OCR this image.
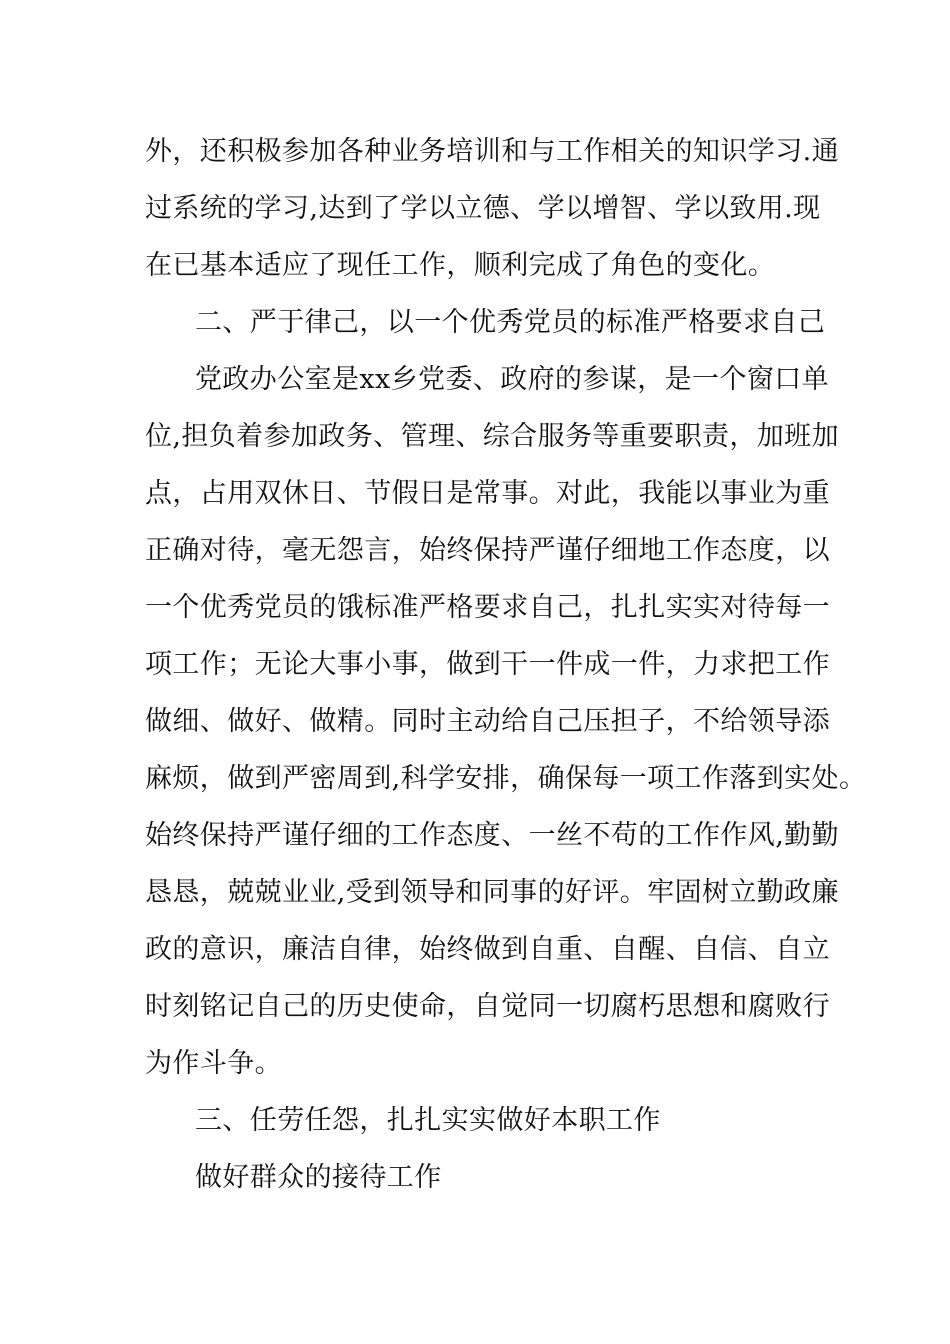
外，还积极参加各种业务培训和与工作相关的知识学习.通
过系统的学习,达到了学以立德、学以增智、学以致用.现
在已基本适应了现任工作，顺利完成了角色的变化。
二、严于律己，以一个优秀党员的标准严格要求自己
党政办公室是xx乡党委、政府的参谋，是一个窗口单
位,担负着参加政务、管理、综合服务等重要职责，加班加
点，占用双休日、节假日是常事。对此，我能以事业为重
正确对待，毫无怨言，始终保持严谨仔细地工作态度，以
一个优秀党员的饿标准严格要求自己，扎扎实实对待每一
项工作；无论大事小事，做到干一件成一件，力求把工作
做细、做好、做精。同时主动给自己压担子，不给领导添
麻烦，做到严密周到,科学安排，确保每一项工作落到实处。
始终保持严谨仔细的工作态度、一丝不苟的工作作风,勤勤
恳恳，兢兢业业,受到领导和同事的好评。牢固树立勤政廉
政的意识，廉洁自律，始终做到自重、自醒、自信、自立
时刻铭记自己的历史使命，自觉同一切腐朽思想和腐败行
为作斗争。
三、任劳任怨，扎扎实实做好本职工作
做好群众的接待工作
